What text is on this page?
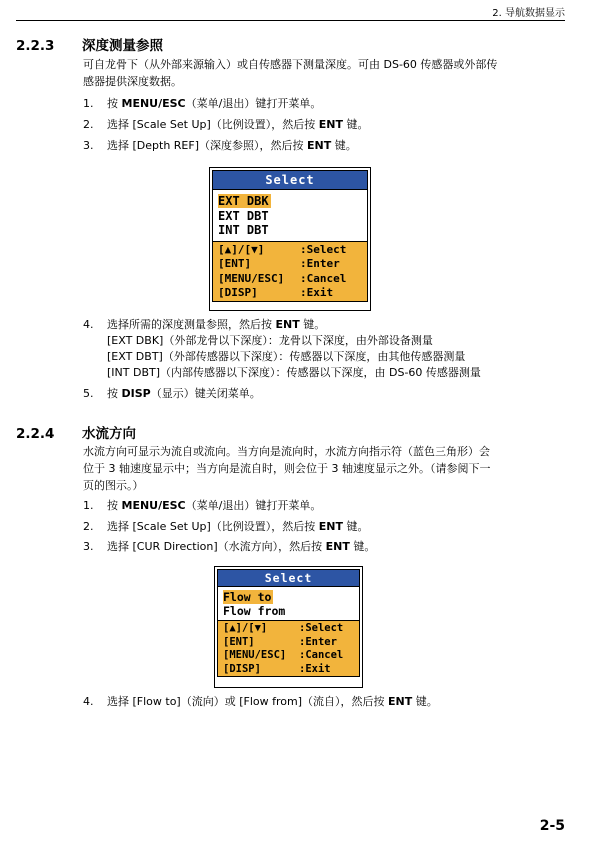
2. 导航数据显示
2.2.3 深度测量参照
可自龙骨下（从外部来源输入）或自传感器下测量深度。可由 DS-60 传感器或外部传
感器提供深度数据。
1. 按 MENU/ESC（菜单/退出）键打开菜单。
2. 选择 [Scale Set Up]（比例设置），然后按 ENT 键。
3. 选择 [Depth REF]（深度参照），然后按 ENT 键。
Select
EXT DBK
EXT DBT
INT DBT
[▲]/[▼]	:Select
[ENT]	:Enter
[MENU/ESC]	:Cancel
[DISP]	:Exit
4. 选择所需的深度测量参照，然后按 ENT 键。
[EXT DBK]（外部龙骨以下深度）：龙骨以下深度，由外部设备测量
[EXT DBT]（外部传感器以下深度）：传感器以下深度，由其他传感器测量
[INT DBT]（内部传感器以下深度）：传感器以下深度，由 DS-60 传感器测量
5. 按 DISP（显示）键关闭菜单。
2.2.4 水流方向
水流方向可显示为流自或流向。当方向是流向时，水流方向指示符（蓝色三角形）会
位于 3 轴速度显示中；当方向是流自时，则会位于 3 轴速度显示之外。（请参阅下一
页的图示。）
1. 按 MENU/ESC（菜单/退出）键打开菜单。
2. 选择 [Scale Set Up]（比例设置），然后按 ENT 键。
3. 选择 [CUR Direction]（水流方向），然后按 ENT 键。
Select
Flow to
Flow from
[▲]/[▼]	:Select
[ENT]	:Enter
[MENU/ESC]	:Cancel
[DISP]	:Exit
4. 选择 [Flow to]（流向）或 [Flow from]（流自），然后按 ENT 键。
2-5
